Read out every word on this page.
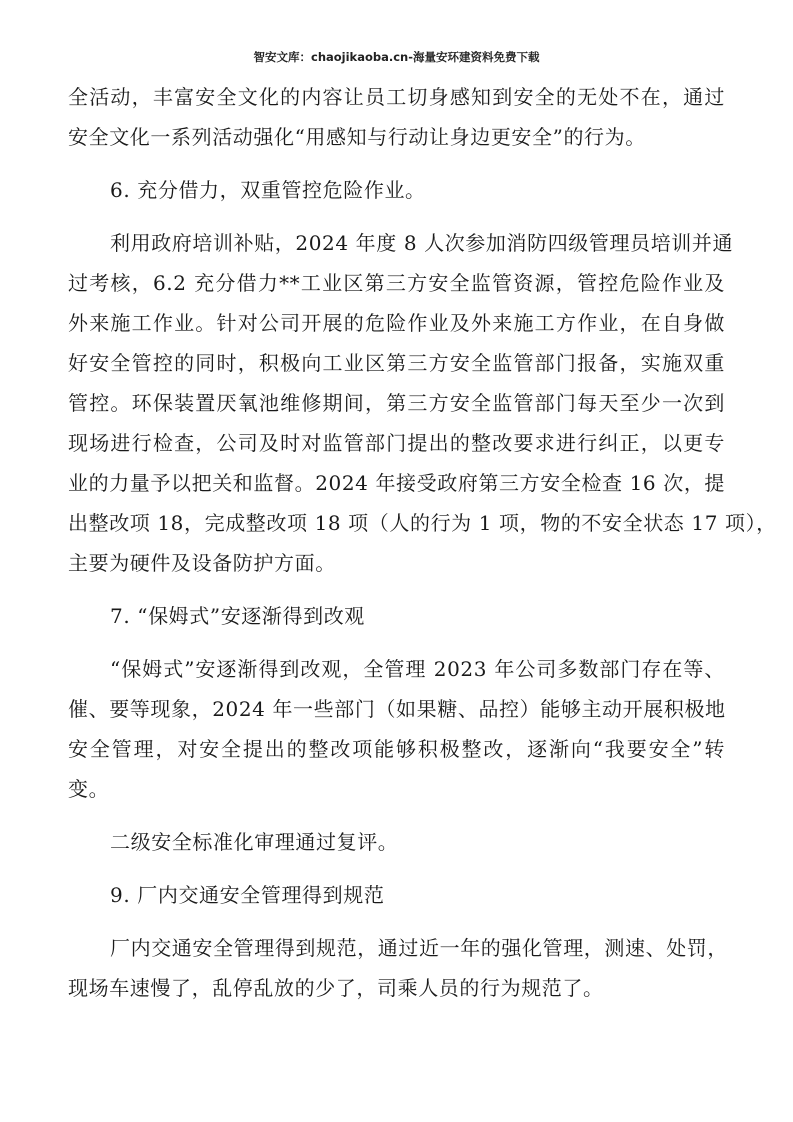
智安文库：chaojikaoba.cn-海量安环建资料免费下载
全活动，丰富安全文化的内容让员工切身感知到安全的无处不在，通过
安全文化一系列活动强化“用感知与行动让身边更安全”的行为。
6. 充分借力，双重管控危险作业。
利用政府培训补贴，2024 年度 8 人次参加消防四级管理员培训并通
过考核，6.2 充分借力**工业区第三方安全监管资源，管控危险作业及
外来施工作业。针对公司开展的危险作业及外来施工方作业，在自身做
好安全管控的同时，积极向工业区第三方安全监管部门报备，实施双重
管控。环保装置厌氧池维修期间，第三方安全监管部门每天至少一次到
现场进行检查，公司及时对监管部门提出的整改要求进行纠正，以更专
业的力量予以把关和监督。2024 年接受政府第三方安全检查 16 次，提
出整改项 18，完成整改项 18 项（人的行为 1 项，物的不安全状态 17 项），
主要为硬件及设备防护方面。
7. “保姆式”安逐渐得到改观
“保姆式”安逐渐得到改观，全管理 2023 年公司多数部门存在等、
催、要等现象，2024 年一些部门（如果糖、品控）能够主动开展积极地
安全管理，对安全提出的整改项能够积极整改，逐渐向“我要安全”转
变。
二级安全标准化审理通过复评。
9. 厂内交通安全管理得到规范
厂内交通安全管理得到规范，通过近一年的强化管理，测速、处罚，
现场车速慢了，乱停乱放的少了，司乘人员的行为规范了。
